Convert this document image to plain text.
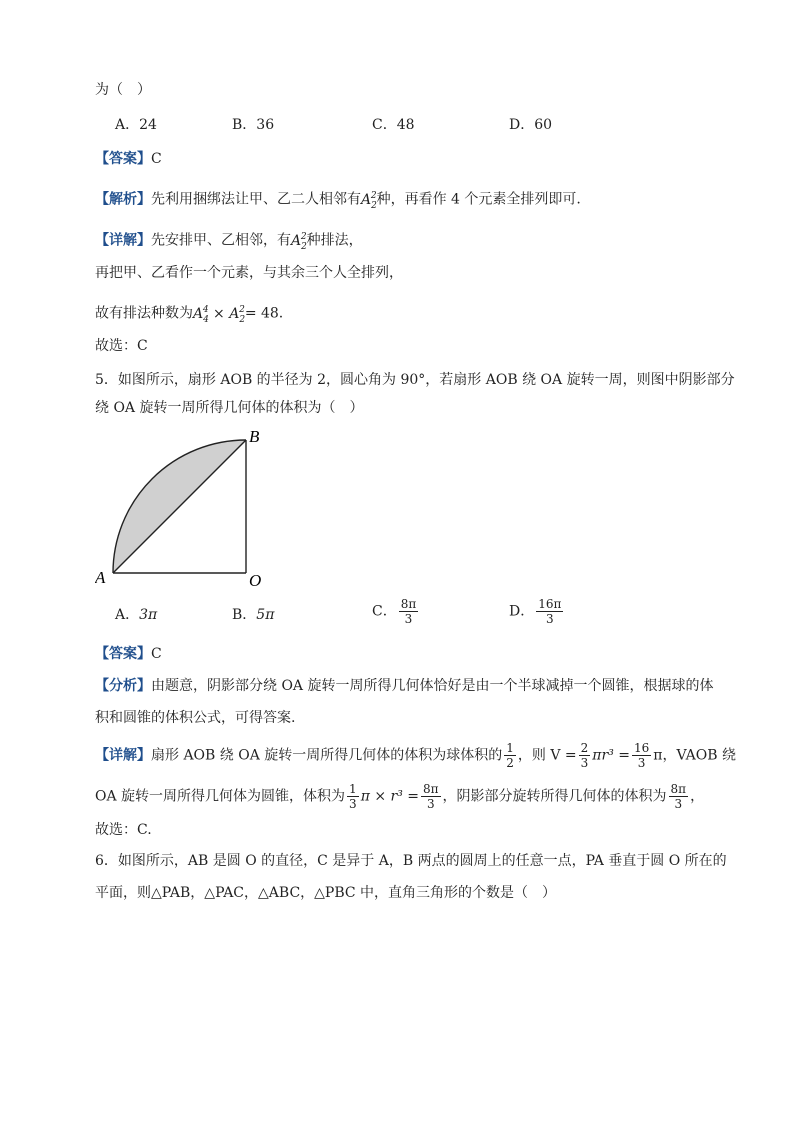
为（　）
A．24	B．36	C．48	D．60
【答案】C
【解析】先利用捆绑法让甲、乙二人相邻有$A_2^2$种，再看作 4 个元素全排列即可.
【详解】先安排甲、乙相邻，有$A_2^2$种排法，
再把甲、乙看作一个元素，与其余三个人全排列，
故有排法种数为$A_4^4 \times A_2^2= 48$.
故选：C
5．如图所示，扇形 AOB 的半径为 2，圆心角为 90°，若扇形 AOB 绕 OA 旋转一周，则图中阴影部分
绕 OA 旋转一周所得几何体的体积为（　）
A
B
O
A．3π	B．5π	C． $\frac{8\pi}{3}$	D． $\frac{16\pi}{3}$
【答案】C
【分析】由题意，阴影部分绕 OA 旋转一周所得几何体恰好是由一个半球减掉一个圆锥，根据球的体
积和圆锥的体积公式，可得答案.
【详解】扇形 AOB 绕 OA 旋转一周所得几何体的体积为球体积的 $\frac{1}{2}$ ，则 $V = \frac{2}{3} \pi r^3 = \frac{16}{3}$ π，VAOB 绕
OA 旋转一周所得几何体为圆锥，体积为 $\frac{1}{3}$ $\pi \times r^3 = \frac{8\pi}{3}$ ，阴影部分旋转所得几何体的体积为 $\frac{8\pi}{3}$ ，
故选：C.
6．如图所示，AB 是圆 O 的直径，C 是异于 A，B 两点的圆周上的任意一点，PA 垂直于圆 O 所在的
平面，则△PAB，△PAC，△ABC，△PBC 中，直角三角形的个数是（　）
